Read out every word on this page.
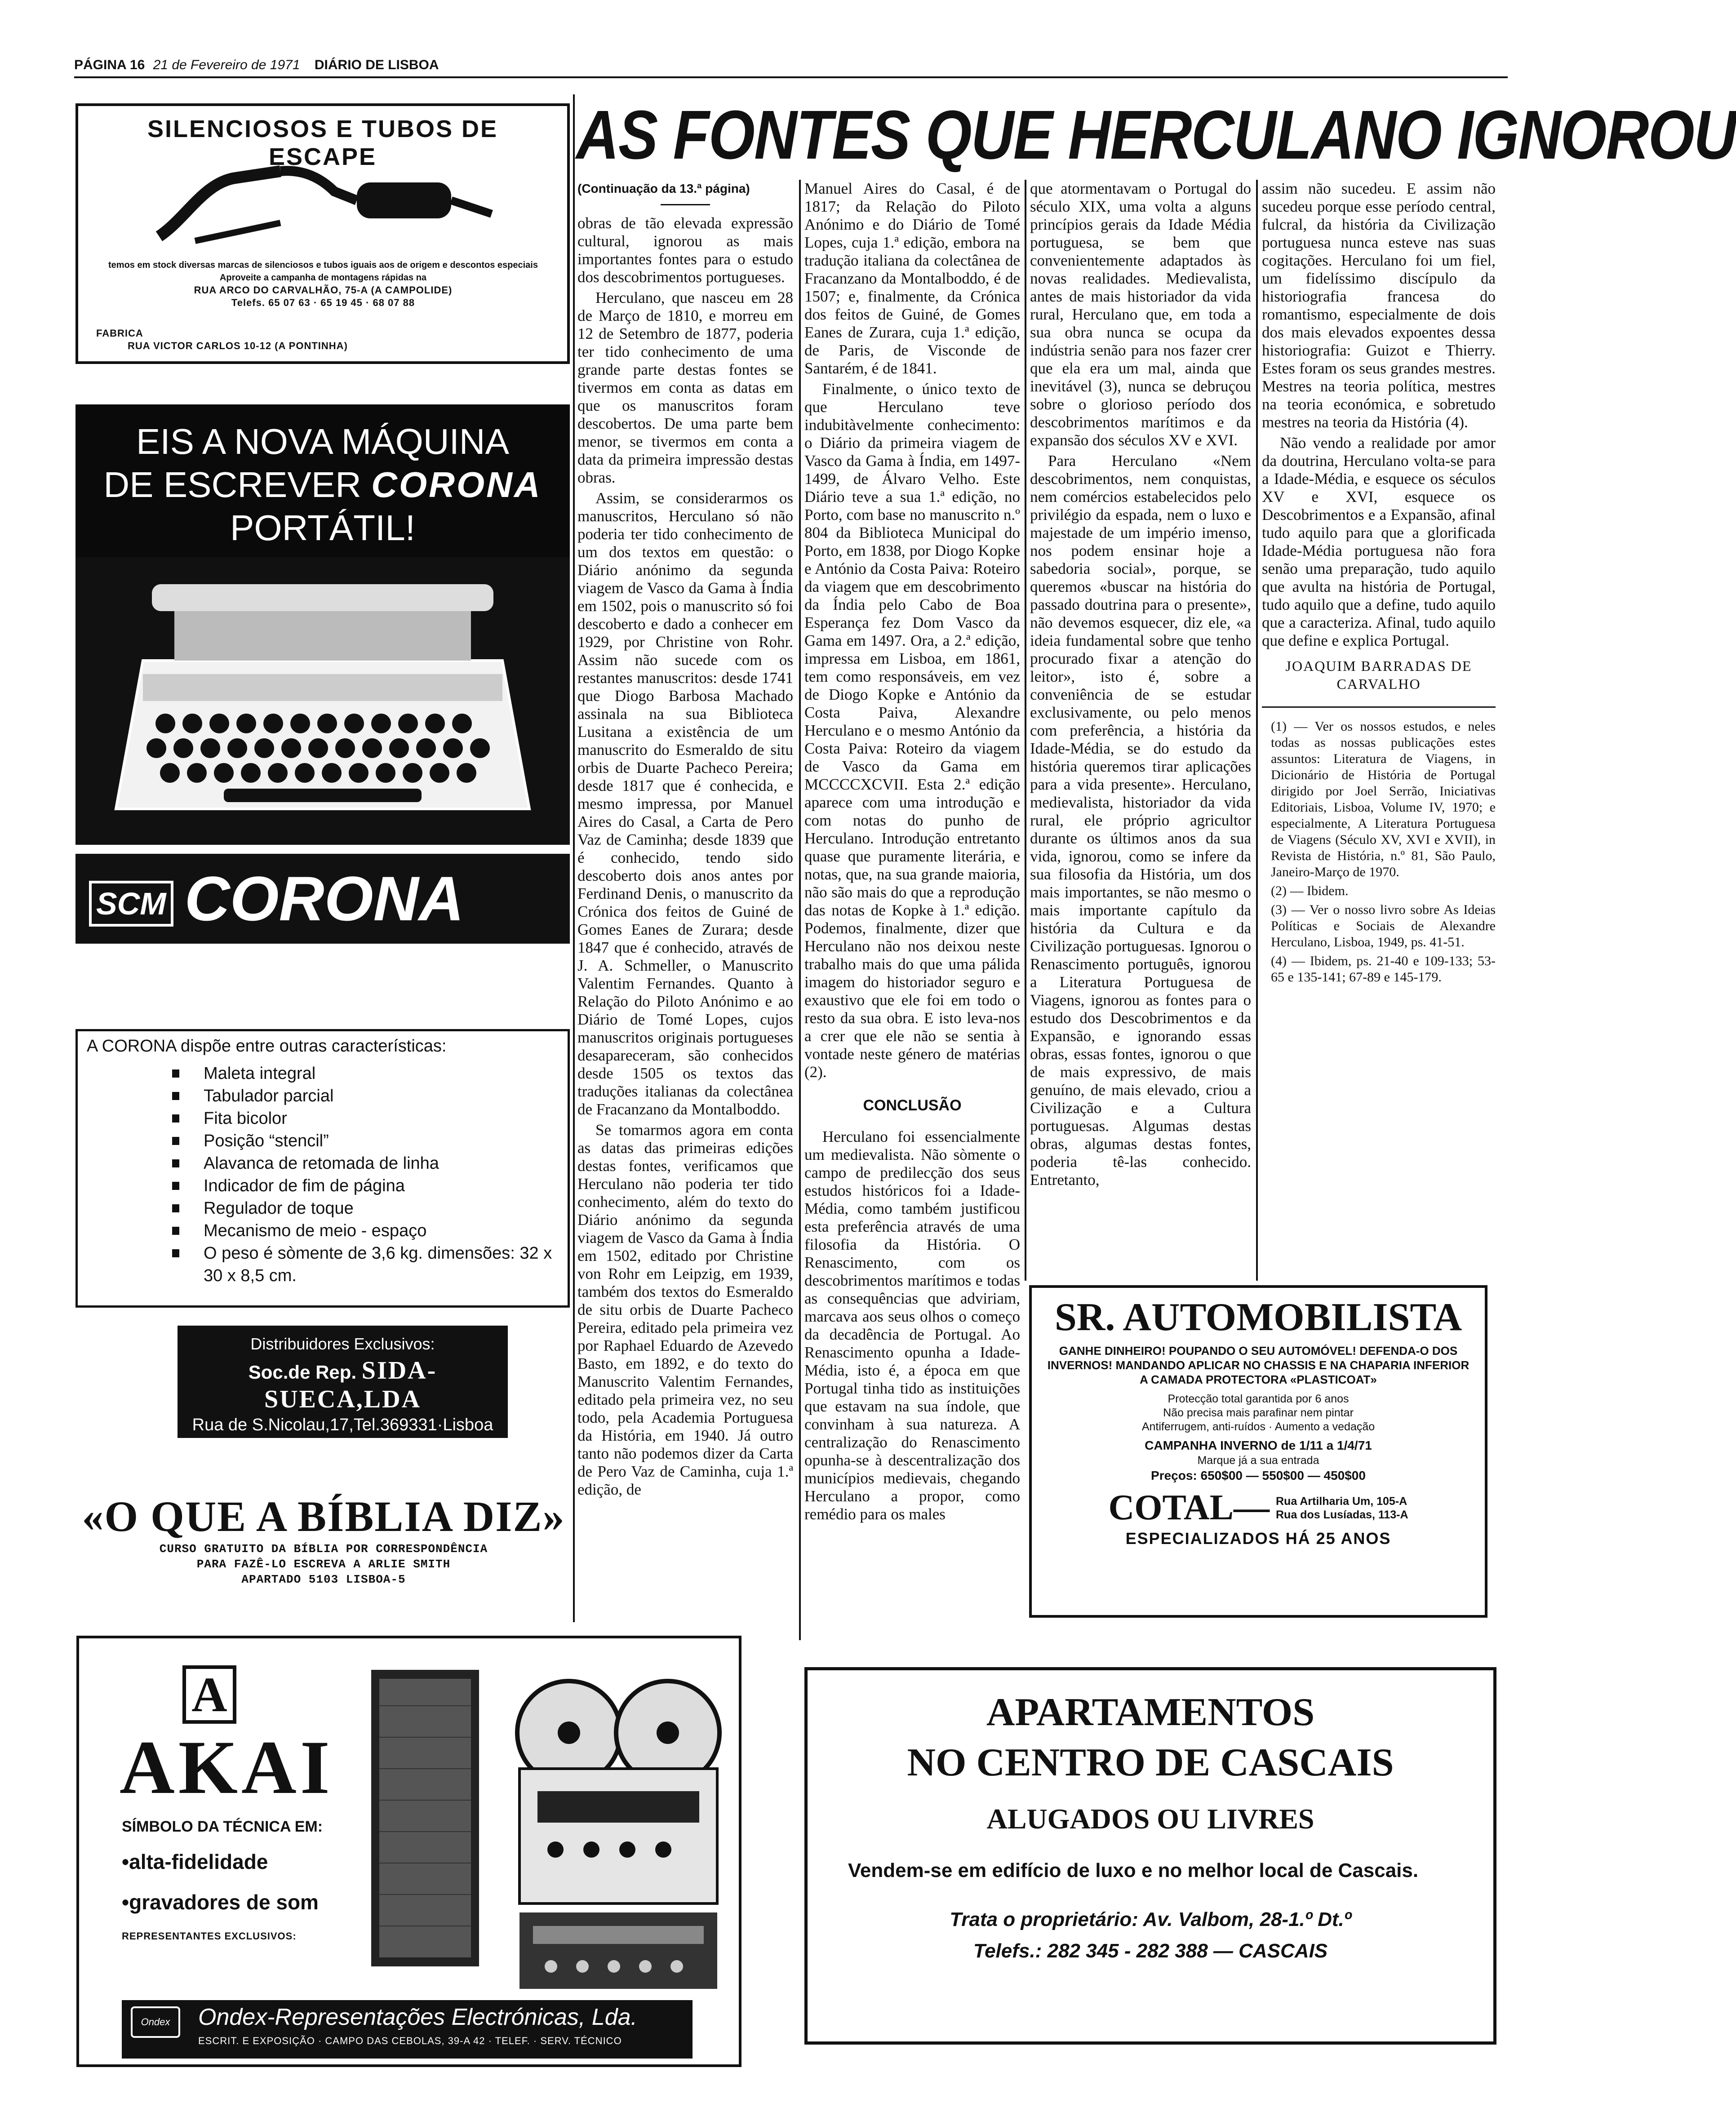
PÁGINA 16 21 de Fevereiro de 1971 DIÁRIO DE LISBOA
SILENCIOSOS E TUBOS DE ESCAPE
temos em stock diversas marcas de silenciosos e tubos iguais aos de origem e descontos especiais Aproveite a campanha de montagens rápidas na
RUA ARCO DO CARVALHÃO, 75-A (A CAMPOLIDE)
Telefs. 65 07 63 · 65 19 45 · 68 07 88
FABRICA
RUA VICTOR CARLOS 10-12 (A PONTINHA)
EIS A NOVA MÁQUINA
DE ESCREVER CORONA
PORTÁTIL!
SCM CORONA
A CORONA dispõe entre outras características:
Maleta integral
Tabulador parcial
Fita bicolor
Posição “stencil”
Alavanca de retomada de linha
Indicador de fim de página
Regulador de toque
Mecanismo de meio - espaço
O peso é sòmente de 3,6 kg. dimensões: 32 x 30 x 8,5 cm.
Distribuidores Exclusivos:
Soc.de Rep. SIDA-SUECA,LDA
Rua de S.Nicolau,17,Tel.369331·Lisboa
★ Consulte o seu fornecedor
«O QUE A BÍBLIA DIZ»
CURSO GRATUITO DA BÍBLIA POR CORRESPONDÊNCIA
PARA FAZÊ-LO ESCREVA A ARLIE SMITH
APARTADO 5103 LISBOA-5
A
AKAI
SÍMBOLO DA TÉCNICA EM:
•alta-fidelidade
•gravadores de som
REPRESENTANTES EXCLUSIVOS:
Ondex	Ondex-Representações Electrónicas, Lda.
ESCRIT. E EXPOSIÇÃO · CAMPO DAS CEBOLAS, 39-A 42 · TELEF. · SERV. TÉCNICO
AS FONTES QUE HERCULANO IGNOROU

(Continuação da 13.ª página)

obras de tão elevada expressão cultural, ignorou as mais importantes fontes para o estudo dos descobrimentos portugueses.

Herculano, que nasceu em 28 de Março de 1810, e morreu em 12 de Setembro de 1877, poderia ter tido conhecimento de uma grande parte destas fontes se tivermos em conta as datas em que os manuscritos foram descobertos. De uma parte bem menor, se tivermos em conta a data da primeira impressão destas obras.

Assim, se considerarmos os manuscritos, Herculano só não poderia ter tido conhecimento de um dos textos em questão: o Diário anónimo da segunda viagem de Vasco da Gama à Índia em 1502, pois o manuscrito só foi descoberto e dado a conhecer em 1929, por Christine von Rohr. Assim não sucede com os restantes manuscritos: desde 1741 que Diogo Barbosa Machado assinala na sua Biblioteca Lusitana a existência de um manuscrito do Esmeraldo de situ orbis de Duarte Pacheco Pereira; desde 1817 que é conhecida, e mesmo impressa, por Manuel Aires do Casal, a Carta de Pero Vaz de Caminha; desde 1839 que é conhecido, tendo sido descoberto dois anos antes por Ferdinand Denis, o manuscrito da Crónica dos feitos de Guiné de Gomes Eanes de Zurara; desde 1847 que é conhecido, através de J. A. Schmeller, o Manuscrito Valentim Fernandes. Quanto à Relação do Piloto Anónimo e ao Diário de Tomé Lopes, cujos manuscritos originais portugueses desapareceram, são conhecidos desde 1505 os textos das traduções italianas da colectânea de Fracanzano da Montalboddo.

Se tomarmos agora em conta as datas das primeiras edições destas fontes, verificamos que Herculano não poderia ter tido conhecimento, além do texto do Diário anónimo da segunda viagem de Vasco da Gama à Índia em 1502, editado por Christine von Rohr em Leipzig, em 1939, também dos textos do Esmeraldo de situ orbis de Duarte Pacheco Pereira, editado pela primeira vez por Raphael Eduardo de Azevedo Basto, em 1892, e do texto do Manuscrito Valentim Fernandes, editado pela primeira vez, no seu todo, pela Academia Portuguesa da História, em 1940. Já outro tanto não podemos dizer da Carta de Pero Vaz de Caminha, cuja 1.ª edição, de

Manuel Aires do Casal, é de 1817; da Relação do Piloto Anónimo e do Diário de Tomé Lopes, cuja 1.ª edição, embora na tradução italiana da colectânea de Fracanzano da Montalboddo, é de 1507; e, finalmente, da Crónica dos feitos de Guiné, de Gomes Eanes de Zurara, cuja 1.ª edição, de Paris, de Visconde de Santarém, é de 1841.

Finalmente, o único texto de que Herculano teve indubitàvelmente conhecimento: o Diário da primeira viagem de Vasco da Gama à Índia, em 1497-1499, de Álvaro Velho. Este Diário teve a sua 1.ª edição, no Porto, com base no manuscrito n.º 804 da Biblioteca Municipal do Porto, em 1838, por Diogo Kopke e António da Costa Paiva: Roteiro da viagem que em descobrimento da Índia pelo Cabo de Boa Esperança fez Dom Vasco da Gama em 1497. Ora, a 2.ª edição, impressa em Lisboa, em 1861, tem como responsáveis, em vez de Diogo Kopke e António da Costa Paiva, Alexandre Herculano e o mesmo António da Costa Paiva: Roteiro da viagem de Vasco da Gama em MCCCCXCVII. Esta 2.ª edição aparece com uma introdução e com notas do punho de Herculano. Introdução entretanto quase que puramente literária, e notas, que, na sua grande maioria, não são mais do que a reprodução das notas de Kopke à 1.ª edição. Podemos, finalmente, dizer que Herculano não nos deixou neste trabalho mais do que uma pálida imagem do historiador seguro e exaustivo que ele foi em todo o resto da sua obra. E isto leva-nos a crer que ele não se sentia à vontade neste género de matérias (2).

CONCLUSÃO

Herculano foi essencialmente um medievalista. Não sòmente o campo de predilecção dos seus estudos históricos foi a Idade-Média, como também justificou esta preferência através de uma filosofia da História. O Renascimento, com os descobrimentos marítimos e todas as consequências que adviriam, marcava aos seus olhos o começo da decadência de Portugal. Ao Renascimento opunha a Idade-Média, isto é, a época em que Portugal tinha tido as instituições que estavam na sua índole, que convinham à sua natureza. A centralização do Renascimento opunha-se à descentralização dos municípios medievais, chegando Herculano a propor, como remédio para os males

que atormentavam o Portugal do século XIX, uma volta a alguns princípios gerais da Idade Média portuguesa, se bem que convenientemente adaptados às novas realidades. Medievalista, antes de mais historiador da vida rural, Herculano que, em toda a sua obra nunca se ocupa da indústria senão para nos fazer crer que ela era um mal, ainda que inevitável (3), nunca se debruçou sobre o glorioso período dos descobrimentos marítimos e da expansão dos séculos XV e XVI.

Para Herculano «Nem descobrimentos, nem conquistas, nem comércios estabelecidos pelo privilégio da espada, nem o luxo e majestade de um império imenso, nos podem ensinar hoje a sabedoria social», porque, se queremos «buscar na história do passado doutrina para o presente», não devemos esquecer, diz ele, «a ideia fundamental sobre que tenho procurado fixar a atenção do leitor», isto é, sobre a conveniência de se estudar exclusivamente, ou pelo menos com preferência, a história da Idade-Média, se do estudo da história queremos tirar aplicações para a vida presente». Herculano, medievalista, historiador da vida rural, ele próprio agricultor durante os últimos anos da sua vida, ignorou, como se infere da sua filosofia da História, um dos mais importantes, se não mesmo o mais importante capítulo da história da Cultura e da Civilização portuguesas. Ignorou o Renascimento português, ignorou a Literatura Portuguesa de Viagens, ignorou as fontes para o estudo dos Descobrimentos e da Expansão, e ignorando essas obras, essas fontes, ignorou o que de mais expressivo, de mais genuíno, de mais elevado, criou a Civilização e a Cultura portuguesas. Algumas destas obras, algumas destas fontes, poderia tê-las conhecido. Entretanto,

assim não sucedeu. E assim não sucedeu porque esse período central, fulcral, da história da Civilização portuguesa nunca esteve nas suas cogitações. Herculano foi um fiel, um fidelíssimo discípulo da historiografia francesa do romantismo, especialmente de dois dos mais elevados expoentes dessa historiografia: Guizot e Thierry. Estes foram os seus grandes mestres. Mestres na teoria política, mestres na teoria económica, e sobretudo mestres na teoria da História (4).

Não vendo a realidade por amor da doutrina, Herculano volta-se para a Idade-Média, e esquece os séculos XV e XVI, esquece os Descobrimentos e a Expansão, afinal tudo aquilo para que a glorificada Idade-Média portuguesa não fora senão uma preparação, tudo aquilo que avulta na história de Portugal, tudo aquilo que a define, tudo aquilo que a caracteriza. Afinal, tudo aquilo que define e explica Portugal.

JOAQUIM BARRADAS DE CARVALHO

(1) — Ver os nossos estudos, e neles todas as nossas publicações estes assuntos: Literatura de Viagens, in Dicionário de História de Portugal dirigido por Joel Serrão, Iniciativas Editoriais, Lisboa, Volume IV, 1970; e especialmente, A Literatura Portuguesa de Viagens (Século XV, XVI e XVII), in Revista de História, n.º 81, São Paulo, Janeiro-Março de 1970.

(2) — Ibidem.

(3) — Ver o nosso livro sobre As Ideias Políticas e Sociais de Alexandre Herculano, Lisboa, 1949, ps. 41-51.

(4) — Ibidem, ps. 21-40 e 109-133; 53-65 e 135-141; 67-89 e 145-179.

SR. AUTOMOBILISTA
GANHE DINHEIRO! POUPANDO O SEU AUTOMÓVEL! DEFENDA-O DOS INVERNOS! MANDANDO APLICAR NO CHASSIS E NA CHAPARIA INFERIOR A CAMADA PROTECTORA «PLASTICOAT»
Protecção total garantida por 6 anos
Não precisa mais parafinar nem pintar
Antiferrugem, anti-ruídos · Aumento a vedação
CAMPANHA INVERNO de 1/11 a 1/4/71
Marque já a sua entrada
Preços: 650$00 — 550$00 — 450$00
COTAL— Rua Artilharia Um, 105-A
Rua dos Lusíadas, 113-A
ESPECIALIZADOS HÁ 25 ANOS
APARTAMENTOS
NO CENTRO DE CASCAIS
ALUGADOS OU LIVRES
Vendem-se em edifício de luxo e no melhor local de Cascais.
Trata o proprietário: Av. Valbom, 28-1.º Dt.º
Telefs.: 282 345 - 282 388 — CASCAIS
